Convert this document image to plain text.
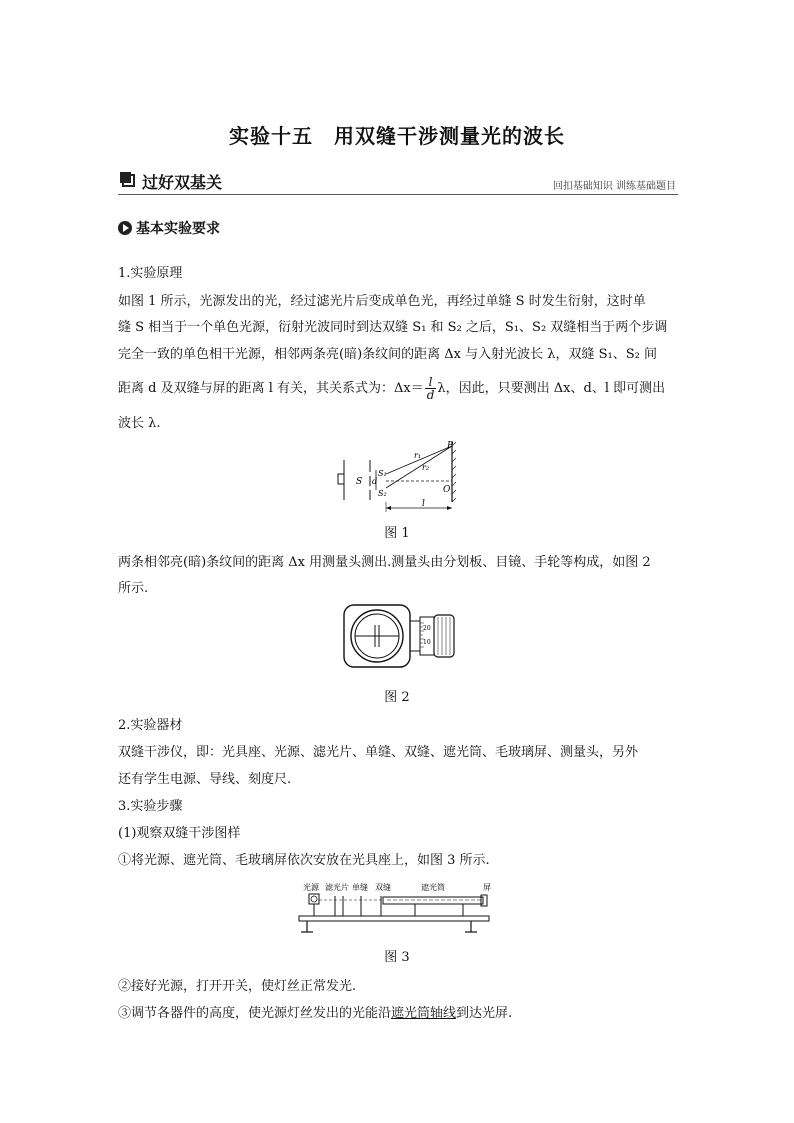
实验十五　用双缝干涉测量光的波长
过好双基关	回扣基础知识 训练基础题目
基本实验要求
1.实验原理
如图 1 所示，光源发出的光，经过滤光片后变成单色光，再经过单缝 S 时发生衍射，这时单
缝 S 相当于一个单色光源，衍射光波同时到达双缝 S₁ 和 S₂ 之后，S₁、S₂ 双缝相当于两个步调
完全一致的单色相干光源，相邻两条亮(暗)条纹间的距离 Δx 与入射光波长 λ，双缝 S₁、S₂ 间
距离 d 及双缝与屏的距离 l 有关，其关系式为：$\Delta x= \frac{l}{d}$ λ，因此，只要测出 Δx、d、l 即可测出
波长 λ.
S d
S₁
S₂
P
r₁
r₂
O
l
图 1
两条相邻亮(暗)条纹间的距离 Δx 用测量头测出.测量头由分划板、目镜、手轮等构成，如图 2
所示.
20
10
图 2
2.实验器材
双缝干涉仪，即：光具座、光源、滤光片、单缝、双缝、遮光筒、毛玻璃屏、测量头，另外
还有学生电源、导线、刻度尺.
3.实验步骤
(1)观察双缝干涉图样
①将光源、遮光筒、毛玻璃屏依次安放在光具座上，如图 3 所示.
光源 滤光片 单缝 双缝	遮光筒	屏
图 3
②接好光源，打开开关，使灯丝正常发光.
③调节各器件的高度，使光源灯丝发出的光能沿遮光筒轴线到达光屏.
